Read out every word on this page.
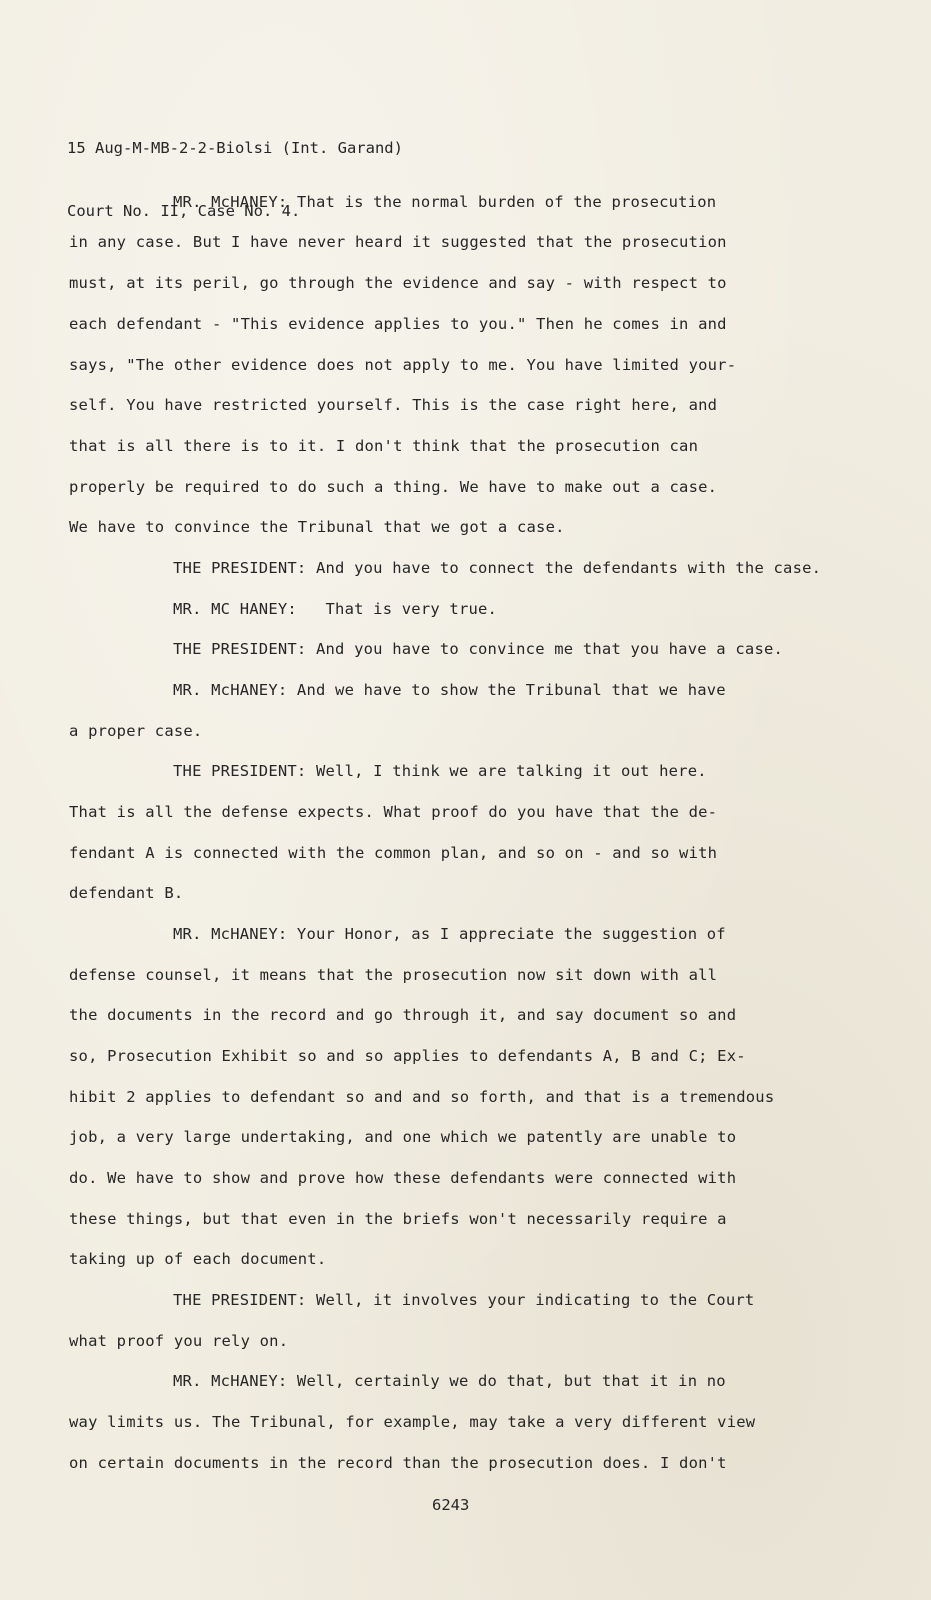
15 Aug-M-MB-2-2-Biolsi (Int. Garand)

Court No. II, Case No. 4.

MR. McHANEY: That is the normal burden of the prosecution
in any case. But I have never heard it suggested that the prosecution
must, at its peril, go through the evidence and say - with respect to
each defendant - "This evidence applies to you." Then he comes in and
says, "The other evidence does not apply to me. You have limited your-
self. You have restricted yourself. This is the case right here, and
that is all there is to it. I don't think that the prosecution can
properly be required to do such a thing. We have to make out a case.
We have to convince the Tribunal that we got a case.
THE PRESIDENT: And you have to connect the defendants with the case.
MR. MC HANEY:   That is very true.
THE PRESIDENT: And you have to convince me that you have a case.
MR. McHANEY: And we have to show the Tribunal that we have
a proper case.
THE PRESIDENT: Well, I think we are talking it out here.
That is all the defense expects. What proof do you have that the de-
fendant A is connected with the common plan, and so on - and so with
defendant B.
MR. McHANEY: Your Honor, as I appreciate the suggestion of
defense counsel, it means that the prosecution now sit down with all
the documents in the record and go through it, and say document so and
so, Prosecution Exhibit so and so applies to defendants A, B and C; Ex-
hibit 2 applies to defendant so and and so forth, and that is a tremendous
job, a very large undertaking, and one which we patently are unable to
do. We have to show and prove how these defendants were connected with
these things, but that even in the briefs won't necessarily require a
taking up of each document.
THE PRESIDENT: Well, it involves your indicating to the Court
what proof you rely on.
MR. McHANEY: Well, certainly we do that, but that it in no
way limits us. The Tribunal, for example, may take a very different view
on certain documents in the record than the prosecution does. I don't
6243
